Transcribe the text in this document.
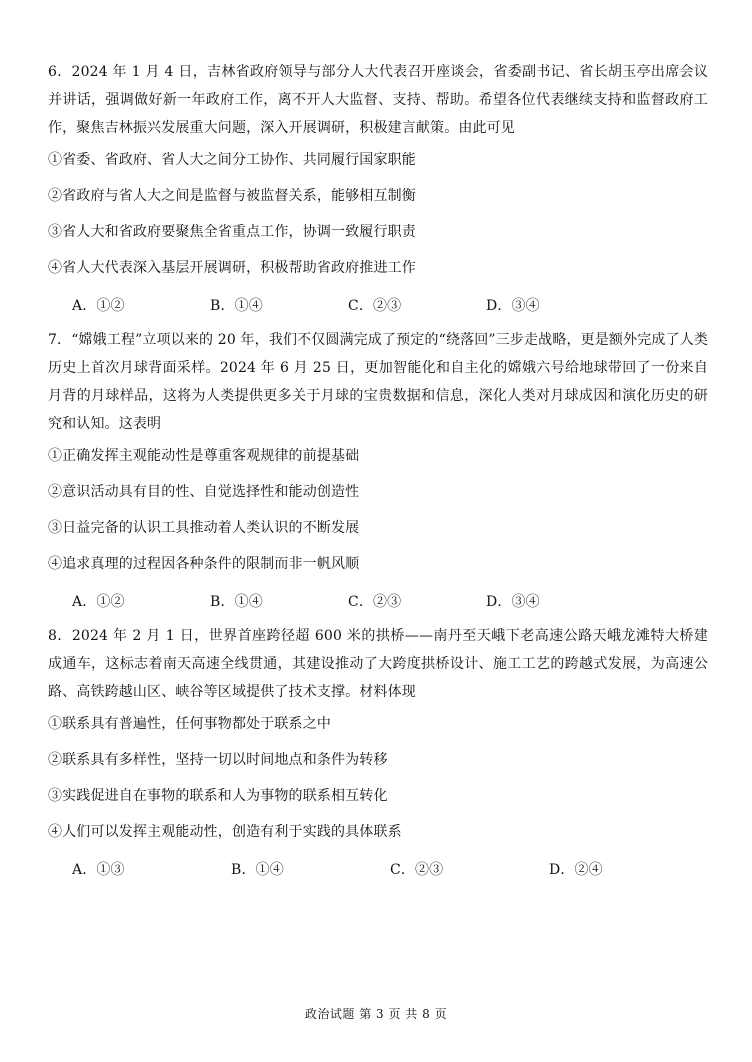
6．2024 年 1 月 4 日，吉林省政府领导与部分人大代表召开座谈会，省委副书记、省长胡玉亭出席会议并讲话，强调做好新一年政府工作，离不开人大监督、支持、帮助。希望各位代表继续支持和监督政府工作，聚焦吉林振兴发展重大问题，深入开展调研，积极建言献策。由此可见
①省委、省政府、省人大之间分工协作、共同履行国家职能
②省政府与省人大之间是监督与被监督关系，能够相互制衡
③省人大和省政府要聚焦全省重点工作，协调一致履行职责
④省人大代表深入基层开展调研，积极帮助省政府推进工作
A．①②	B．①④	C．②③	D．③④
7．“嫦娥工程”立项以来的 20 年，我们不仅圆满完成了预定的“绕落回”三步走战略，更是额外完成了人类历史上首次月球背面采样。2024 年 6 月 25 日，更加智能化和自主化的嫦娥六号给地球带回了一份来自月背的月球样品，这将为人类提供更多关于月球的宝贵数据和信息，深化人类对月球成因和演化历史的研究和认知。这表明
①正确发挥主观能动性是尊重客观规律的前提基础
②意识活动具有目的性、自觉选择性和能动创造性
③日益完备的认识工具推动着人类认识的不断发展
④追求真理的过程因各种条件的限制而非一帆风顺
A．①②	B．①④	C．②③	D．③④
8．2024 年 2 月 1 日，世界首座跨径超 600 米的拱桥——南丹至天峨下老高速公路天峨龙滩特大桥建成通车，这标志着南天高速全线贯通，其建设推动了大跨度拱桥设计、施工工艺的跨越式发展，为高速公路、高铁跨越山区、峡谷等区域提供了技术支撑。材料体现
①联系具有普遍性，任何事物都处于联系之中
②联系具有多样性，坚持一切以时间地点和条件为转移
③实践促进自在事物的联系和人为事物的联系相互转化
④人们可以发挥主观能动性，创造有利于实践的具体联系
A．①③	B．①④	C．②③	D．②④
政治试题 第 3 页 共 8 页
